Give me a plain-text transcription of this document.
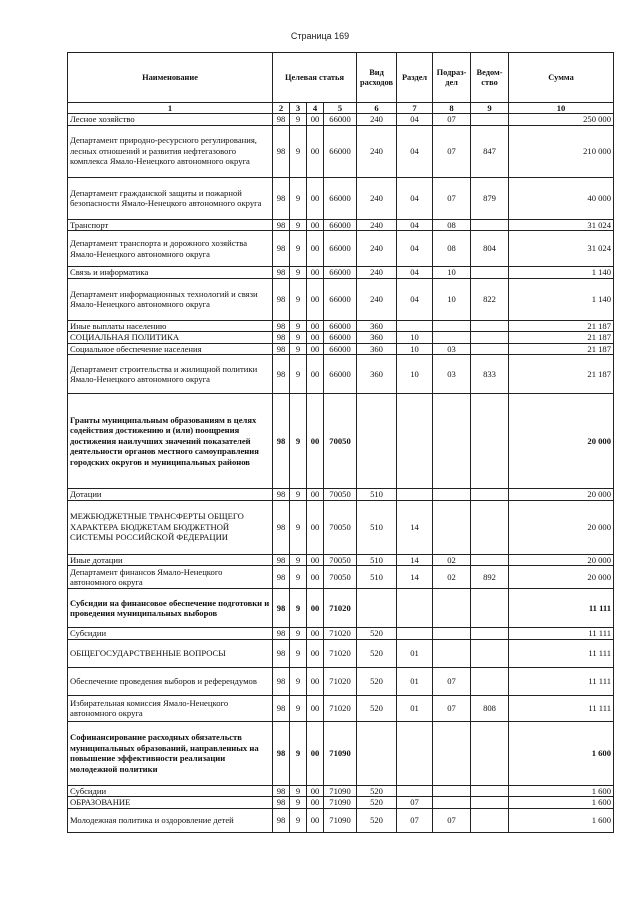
Страница 169
Наименование	Целевая статья				Вид расходов	Раздел	Подраз-дел	Ведом-ство	Сумма
1	2	3	4	5	6	7	8	9	10
Лесное хозяйство	98	9	00	66000	240	04	07		250 000
Департамент природно-ресурсного регулирования, лесных отношений и развития нефтегазового комплекса Ямало-Ненецкого автономного округа	98	9	00	66000	240	04	07	847	210 000
Департамент гражданской защиты и пожарной безопасности Ямало-Ненецкого автономного округа	98	9	00	66000	240	04	07	879	40 000
Транспорт	98	9	00	66000	240	04	08		31 024
Департамент транспорта и дорожного хозяйства Ямало-Ненецкого автономного округа	98	9	00	66000	240	04	08	804	31 024
Связь и информатика	98	9	00	66000	240	04	10		1 140
Департамент информационных технологий и связи Ямало-Ненецкого автономного округа	98	9	00	66000	240	04	10	822	1 140
Иные выплаты населению	98	9	00	66000	360				21 187
СОЦИАЛЬНАЯ ПОЛИТИКА	98	9	00	66000	360	10			21 187
Социальное обеспечение населения	98	9	00	66000	360	10	03		21 187
Департамент строительства и жилищной политики Ямало-Ненецкого автономного округа	98	9	00	66000	360	10	03	833	21 187
Гранты муниципальным образованиям в целях содействия достижению и (или) поощрения достижения наилучших значений показателей деятельности органов местного самоуправления городских округов и муниципальных районов	98	9	00	70050					20 000
Дотации	98	9	00	70050	510				20 000
МЕЖБЮДЖЕТНЫЕ ТРАНСФЕРТЫ ОБЩЕГО ХАРАКТЕРА БЮДЖЕТАМ БЮДЖЕТНОЙ СИСТЕМЫ РОССИЙСКОЙ ФЕДЕРАЦИИ	98	9	00	70050	510	14			20 000
Иные дотации	98	9	00	70050	510	14	02		20 000
Департамент финансов Ямало-Ненецкого автономного округа	98	9	00	70050	510	14	02	892	20 000
Субсидии на финансовое обеспечение подготовки и проведения муниципальных выборов	98	9	00	71020					11 111
Субсидии	98	9	00	71020	520				11 111
ОБЩЕГОСУДАРСТВЕННЫЕ ВОПРОСЫ	98	9	00	71020	520	01			11 111
Обеспечение проведения выборов и референдумов	98	9	00	71020	520	01	07		11 111
Избирательная комиссия Ямало-Ненецкого автономного округа	98	9	00	71020	520	01	07	808	11 111
Софинансирование расходных обязательств муниципальных образований, направленных на повышение эффективности реализации молодежной политики	98	9	00	71090					1 600
Субсидии	98	9	00	71090	520				1 600
ОБРАЗОВАНИЕ	98	9	00	71090	520	07			1 600
Молодежная политика и оздоровление детей	98	9	00	71090	520	07	07		1 600
